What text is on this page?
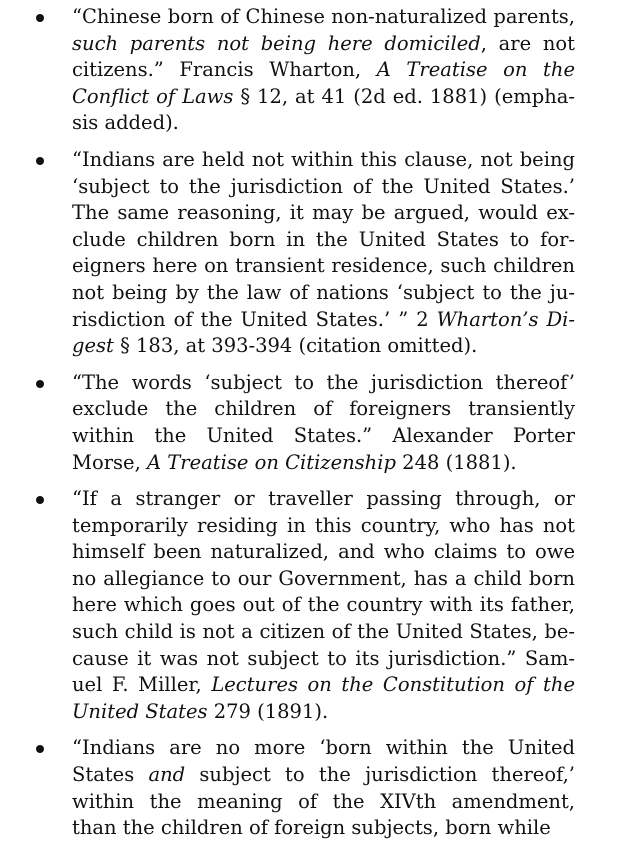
“Chinese born of Chinese non-naturalized parents,
such parents not being here domiciled, are not
citizens.” Francis Wharton, A Treatise on the
Conflict of Laws § 12, at 41 (2d ed. 1881) (empha-
sis added).
“Indians are held not within this clause, not being
‘subject to the jurisdiction of the United States.’
The same reasoning, it may be argued, would ex-
clude children born in the United States to for-
eigners here on transient residence, such children
not being by the law of nations ‘subject to the ju-
risdiction of the United States.’ ” 2 Wharton’s Di-
gest § 183, at 393-394 (citation omitted).
“The words ‘subject to the jurisdiction thereof’
exclude the children of foreigners transiently
within the United States.” Alexander Porter
Morse, A Treatise on Citizenship 248 (1881).
“If a stranger or traveller passing through, or
temporarily residing in this country, who has not
himself been naturalized, and who claims to owe
no allegiance to our Government, has a child born
here which goes out of the country with its father,
such child is not a citizen of the United States, be-
cause it was not subject to its jurisdiction.” Sam-
uel F. Miller, Lectures on the Constitution of the
United States 279 (1891).
“Indians are no more ‘born within the United
States and subject to the jurisdiction thereof,’
within the meaning of the XIVth amendment,
than the children of foreign subjects, born while
